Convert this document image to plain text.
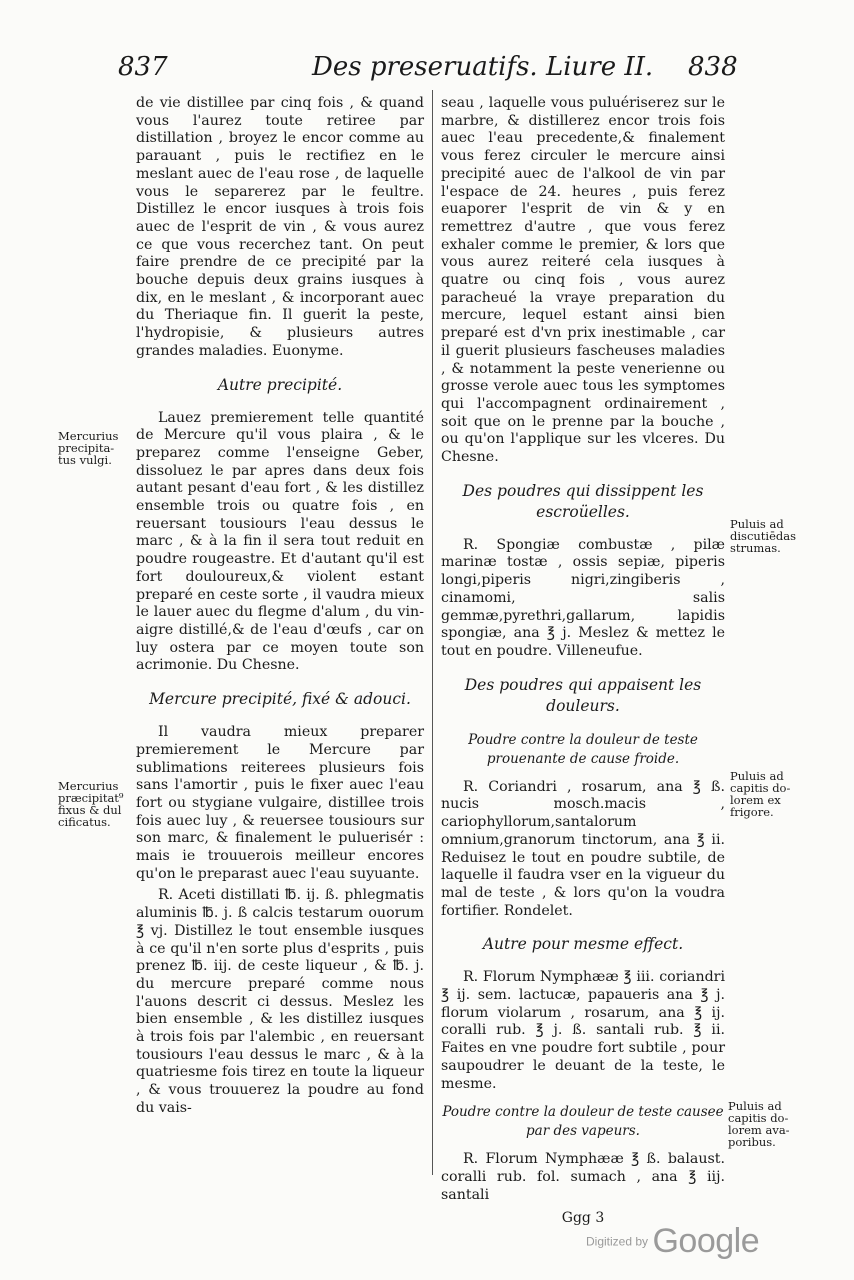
837	Des preseruatifs. Liure II. 838

de vie distillee par cinq fois , & quand vous l'aurez toute retiree par distillation , broyez le encor comme au parauant , puis le rectifiez en le meslant auec de l'eau rose , de laquelle vous le separerez par le feultre. Distillez le encor iusques à trois fois auec de l'esprit de vin , & vous aurez ce que vous recerchez tant. On peut faire prendre de ce precipité par la bouche depuis deux grains iusques à dix, en le meslant , & incorporant auec du Theriaque fin. Il guerit la peste, l'hydropisie, & plusieurs autres grandes maladies. Euonyme.

Autre precipité.

Lauez premierement telle quantité de Mercure qu'il vous plaira , & le preparez comme l'enseigne Geber, dissoluez le par apres dans deux fois autant pesant d'eau fort , & les distillez ensemble trois ou quatre fois , en reuersant tousiours l'eau dessus le marc , & à la fin il sera tout reduit en poudre rougeastre. Et d'autant qu'il est fort douloureux,& violent estant preparé en ceste sorte , il vaudra mieux le lauer auec du flegme d'alum , du vin-aigre distillé,& de l'eau d'œufs , car on luy ostera par ce moyen toute son acrimonie. Du Chesne.

Mercure precipité, fixé & adouci.

Il vaudra mieux preparer premierement le Mercure par sublimations reiterees plusieurs fois sans l'amortir , puis le fixer auec l'eau fort ou stygiane vulgaire, distillee trois fois auec luy , & reuersee tousiours sur son marc, & finalement le puluerisér : mais ie trouuerois meilleur encores qu'on le preparast auec l'eau suyuante.

R. Aceti distillati ℔. ij. ß. phlegmatis aluminis ℔. j. ß calcis testarum ouorum ℥ vj. Distillez le tout ensemble iusques à ce qu'il n'en sorte plus d'esprits , puis prenez ℔. iij. de ceste liqueur , & ℔. j. du mercure preparé comme nous l'auons descrit ci dessus. Meslez les bien ensemble , & les distillez iusques à trois fois par l'alembic , en reuersant tousiours l'eau dessus le marc , & à la quatriesme fois tirez en toute la liqueur , & vous trouuerez la poudre au fond du vais-

Mercurius
precipita-
tus vulgi.
Mercurius
præcipitat⁹
fixus & dul
cificatus.

seau , laquelle vous puluériserez sur le marbre, & distillerez encor trois fois auec l'eau precedente,& finalement vous ferez circuler le mercure ainsi precipité auec de l'alkool de vin par l'espace de 24. heures , puis ferez euaporer l'esprit de vin & y en remettrez d'autre , que vous ferez exhaler comme le premier, & lors que vous aurez reiteré cela iusques à quatre ou cinq fois , vous aurez paracheué la vraye preparation du mercure, lequel estant ainsi bien preparé est d'vn prix inestimable , car il guerit plusieurs fascheuses maladies , & notamment la peste venerienne ou grosse verole auec tous les symptomes qui l'accompagnent ordinairement , soit que on le prenne par la bouche , ou qu'on l'applique sur les vlceres. Du Chesne.

Des poudres qui dissippent les escroüelles.

R. Spongiæ combustæ , pilæ marinæ tostæ , ossis sepiæ, piperis longi,piperis nigri,zingiberis , cinamomi, salis gemmæ,pyrethri,gallarum, lapidis spongiæ, ana ℥ j. Meslez & mettez le tout en poudre. Villeneufue.

Des poudres qui appaisent les douleurs.
Poudre contre la douleur de teste prouenante de cause froide.

R. Coriandri , rosarum, ana ℥ ß. nucis mosch.macis , cariophyllorum,santalorum omnium,granorum tinctorum, ana ℥ ii. Reduisez le tout en poudre subtile, de laquelle il faudra vser en la vigueur du mal de teste , & lors qu'on la voudra fortifier. Rondelet.

Autre pour mesme effect.

R. Florum Nymphææ ℥ iii. coriandri ℥ ij. sem. lactucæ, papaueris ana ℥ j. florum violarum , rosarum, ana ℥ ij. coralli rub. ℥ j. ß. santali rub. ℥ ii. Faites en vne poudre fort subtile , pour saupoudrer le deuant de la teste, le mesme.

Poudre contre la douleur de teste causee par des vapeurs.

R. Florum Nymphææ ℥ ß. balaust. coralli rub. fol. sumach , ana ℥ iij. santali

Ggg 3
Puluis ad
discutiēdas
strumas.
Puluis ad
capitis do-
lorem ex
frigore.
Puluis ad
capitis do-
lorem ava-
poribus.
Digitized by Google
